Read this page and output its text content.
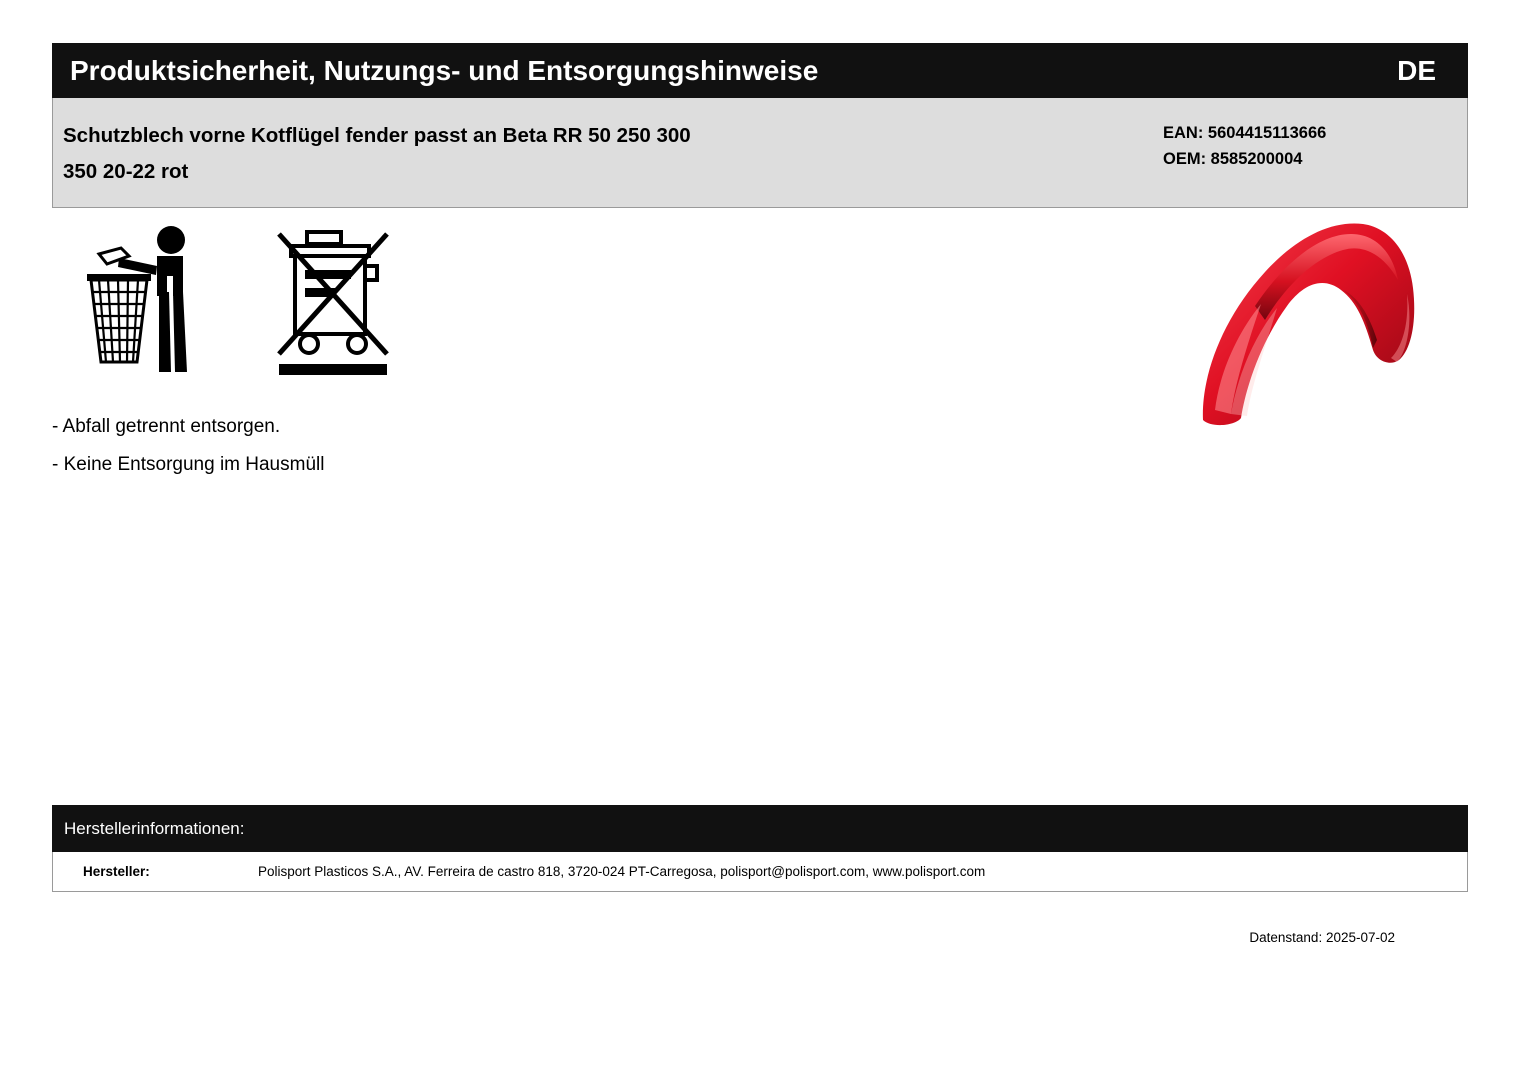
Produktsicherheit, Nutzungs- und Entsorgungshinweise	DE
Schutzblech vorne Kotflügel fender passt an Beta RR 50 250 300
350 20-22 rot
EAN: 5604415113666
OEM: 8585200004
- Abfall getrennt entsorgen.
- Keine Entsorgung im Hausmüll
Herstellerinformationen:
Hersteller:	Polisport Plasticos S.A., AV. Ferreira de castro 818, 3720-024 PT-Carregosa, polisport@polisport.com, www.polisport.com
Datenstand: 2025-07-02
